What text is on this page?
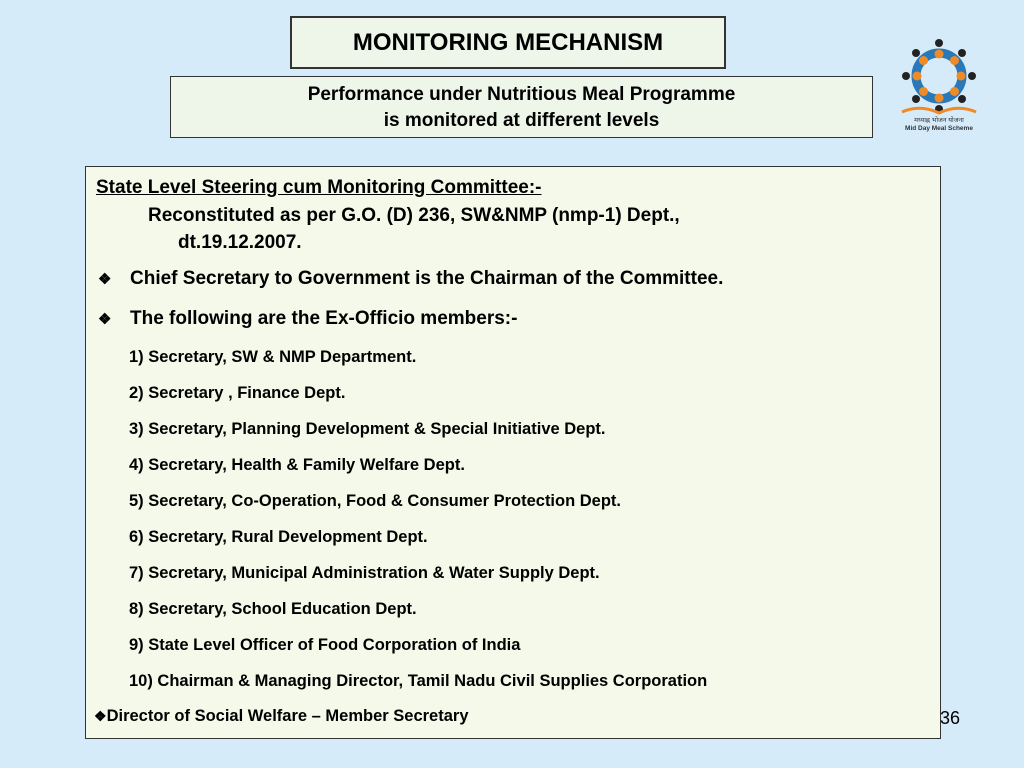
MONITORING MECHANISM
Performance under Nutritious Meal Programme
is monitored at different levels	मध्याह्न भोजन योजना
Mid Day Meal Scheme
State Level Steering cum Monitoring Committee:-
Reconstituted as per G.O. (D) 236, SW&NMP (nmp-1) Dept.,
dt.19.12.2007.
❖ Chief Secretary to Government is the Chairman of the Committee.
❖ The following are the Ex-Officio members:-
1) Secretary, SW & NMP Department.
2) Secretary , Finance Dept.
3) Secretary, Planning Development & Special Initiative Dept.
4) Secretary, Health & Family Welfare Dept.
5) Secretary, Co-Operation, Food & Consumer Protection Dept.
6) Secretary, Rural Development Dept.
7) Secretary, Municipal Administration & Water Supply Dept.
8) Secretary, School Education Dept.
9) State Level Officer of Food Corporation of India
10) Chairman & Managing Director, Tamil Nadu Civil Supplies Corporation
❖Director of Social Welfare – Member Secretary	36
